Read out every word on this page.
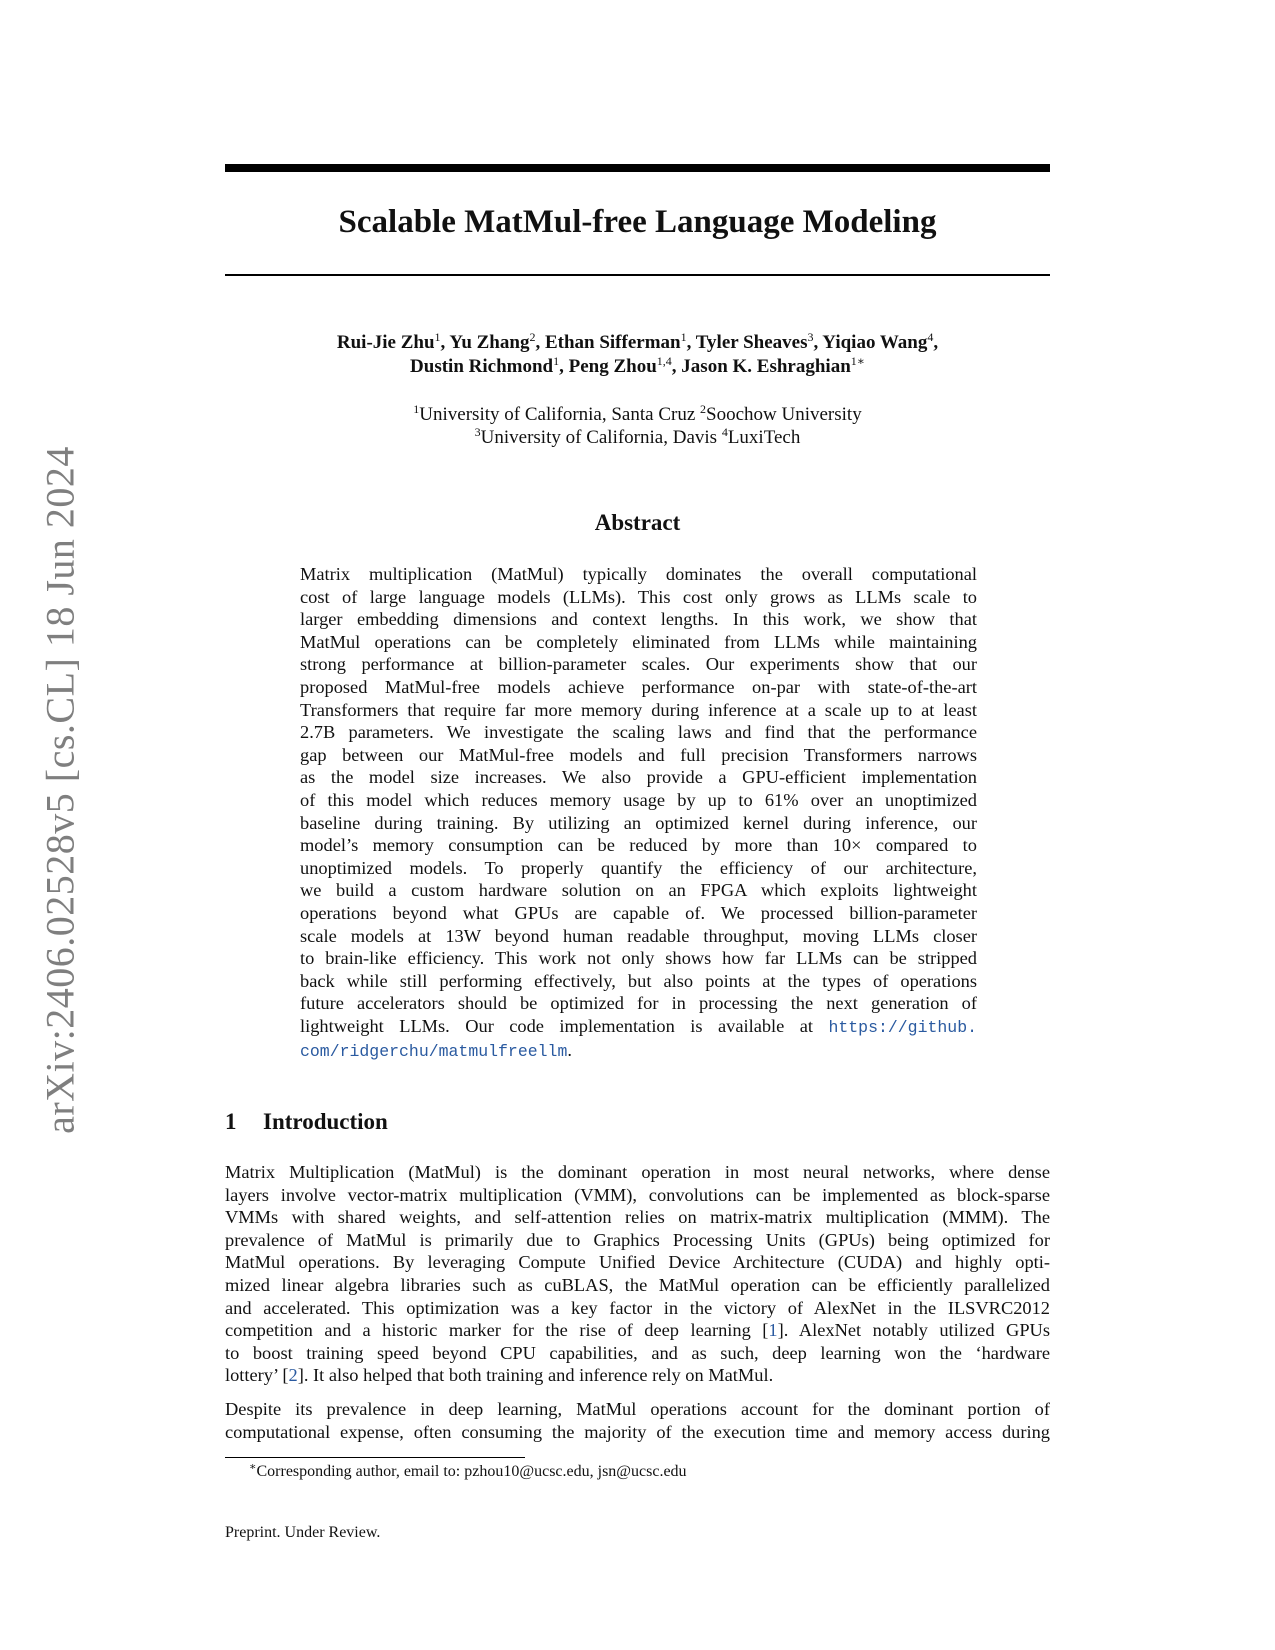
arXiv:2406.02528v5 [cs.CL] 18 Jun 2024
Scalable MatMul-free Language Modeling
Rui-Jie Zhu$^1$, Yu Zhang$^2$, Ethan Sifferman$^1$, Tyler Sheaves$^3$, Yiqiao Wang$^4$,
Dustin Richmond$^1$, Peng Zhou$^{1,4}$, Jason K. Eshraghian$^{1∗}$
$^1$University of California, Santa Cruz $^2$Soochow University
$^3$University of California, Davis $^4$LuxiTech
Abstract
Matrix multiplication (MatMul) typically dominates the overall computational
cost of large language models (LLMs). This cost only grows as LLMs scale to
larger embedding dimensions and context lengths. In this work, we show that
MatMul operations can be completely eliminated from LLMs while maintaining
strong performance at billion-parameter scales. Our experiments show that our
proposed MatMul-free models achieve performance on-par with state-of-the-art
Transformers that require far more memory during inference at a scale up to at least
2.7B parameters. We investigate the scaling laws and find that the performance
gap between our MatMul-free models and full precision Transformers narrows
as the model size increases. We also provide a GPU-efficient implementation
of this model which reduces memory usage by up to 61% over an unoptimized
baseline during training. By utilizing an optimized kernel during inference, our
model’s memory consumption can be reduced by more than 10× compared to
unoptimized models. To properly quantify the efficiency of our architecture,
we build a custom hardware solution on an FPGA which exploits lightweight
operations beyond what GPUs are capable of. We processed billion-parameter
scale models at 13W beyond human readable throughput, moving LLMs closer
to brain-like efficiency. This work not only shows how far LLMs can be stripped
back while still performing effectively, but also points at the types of operations
future accelerators should be optimized for in processing the next generation of
lightweight LLMs. Our code implementation is available at https://github.
com/ridgerchu/matmulfreellm.
1 Introduction
Matrix Multiplication (MatMul) is the dominant operation in most neural networks, where dense
layers involve vector-matrix multiplication (VMM), convolutions can be implemented as block-sparse
VMMs with shared weights, and self-attention relies on matrix-matrix multiplication (MMM). The
prevalence of MatMul is primarily due to Graphics Processing Units (GPUs) being optimized for
MatMul operations. By leveraging Compute Unified Device Architecture (CUDA) and highly opti-
mized linear algebra libraries such as cuBLAS, the MatMul operation can be efficiently parallelized
and accelerated. This optimization was a key factor in the victory of AlexNet in the ILSVRC2012
competition and a historic marker for the rise of deep learning [1]. AlexNet notably utilized GPUs
to boost training speed beyond CPU capabilities, and as such, deep learning won the ‘hardware
lottery’ [2]. It also helped that both training and inference rely on MatMul.
Despite its prevalence in deep learning, MatMul operations account for the dominant portion of
computational expense, often consuming the majority of the execution time and memory access during
∗Corresponding author, email to: pzhou10@ucsc.edu, jsn@ucsc.edu
Preprint. Under Review.
